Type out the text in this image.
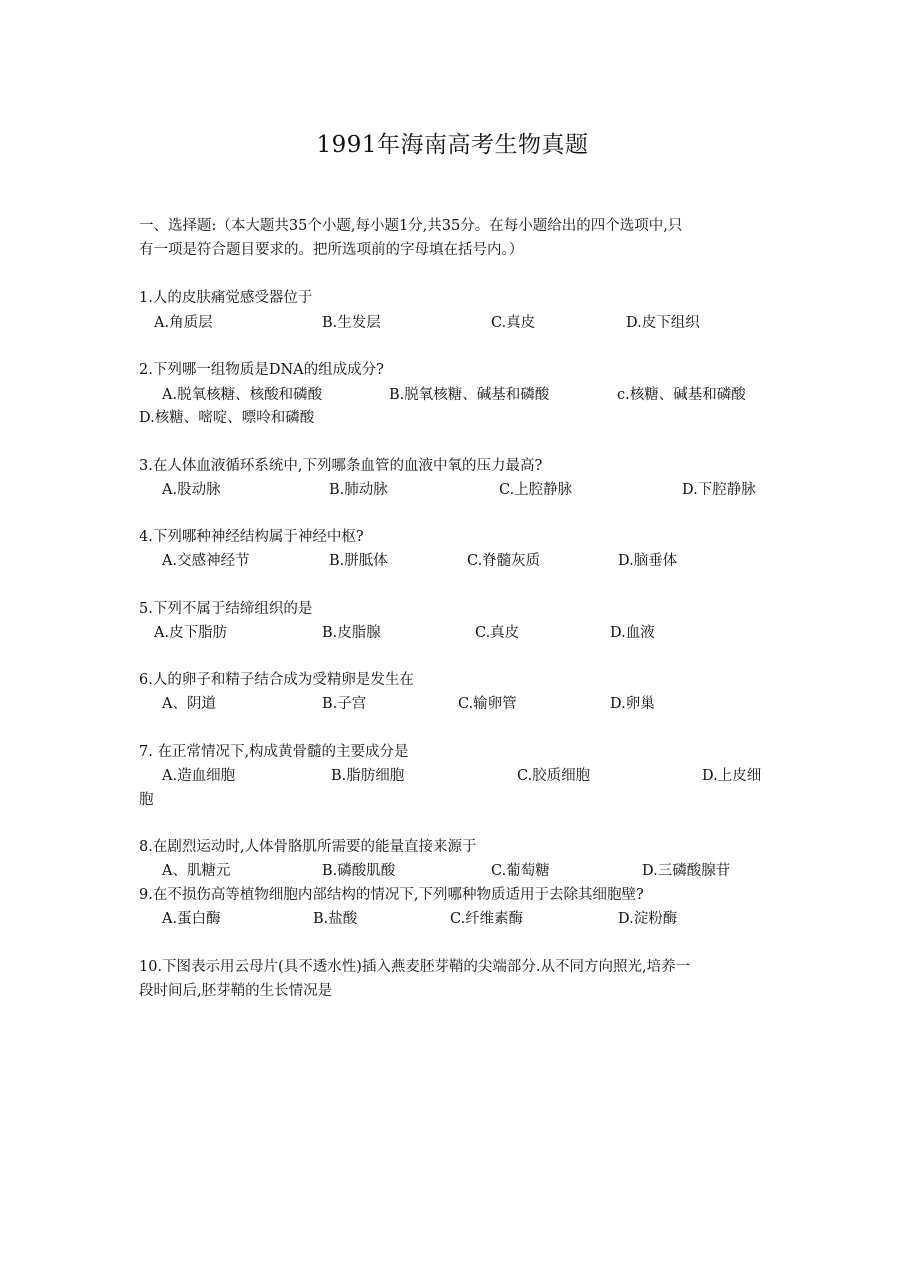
1991年海南高考生物真题
一、选择题:（本大题共35个小题,每小题1分,共35分。在每小题给出的四个选项中,只
有一项是符合题目要求的。把所选项前的字母填在括号内。）
1.人的皮肤痛觉感受器位于
A.角质层	B.生发层	C.真皮	D.皮下组织
2.下列哪一组物质是DNA的组成成分?
A.脱氧核糖、核酸和磷酸	B.脱氧核糖、碱基和磷酸	c.核糖、碱基和磷酸
D.核糖、嘧啶、嘌呤和磷酸
3.在人体血液循环系统中,下列哪条血管的血液中氧的压力最高?
A.股动脉	B.肺动脉	C.上腔静脉	D.下腔静脉
4.下列哪种神经结构属于神经中枢?
A.交感神经节	B.胼胝体	C.脊髓灰质	D.脑垂体
5.下列不属于结缔组织的是
A.皮下脂肪	B.皮脂腺	C.真皮	D.血液
6.人的卵子和精子结合成为受精卵是发生在
A、阴道	B.子宫	C.输卵管	D.卵巢
7. 在正常情况下,构成黄骨髓的主要成分是
A.造血细胞	B.脂肪细胞	C.胶质细胞	D.上皮细
胞
8.在剧烈运动时,人体骨胳肌所需要的能量直接来源于
A、肌糖元	B.磷酸肌酸	C.葡萄糖	D.三磷酸腺苷
9.在不损伤高等植物细胞内部结构的情况下,下列哪种物质适用于去除其细胞壁?
A.蛋白酶	B.盐酸	C.纤维素酶	D.淀粉酶
10.下图表示用云母片(具不透水性)插入燕麦胚芽鞘的尖端部分.从不同方向照光,培养一
段时间后,胚芽鞘的生长情况是
